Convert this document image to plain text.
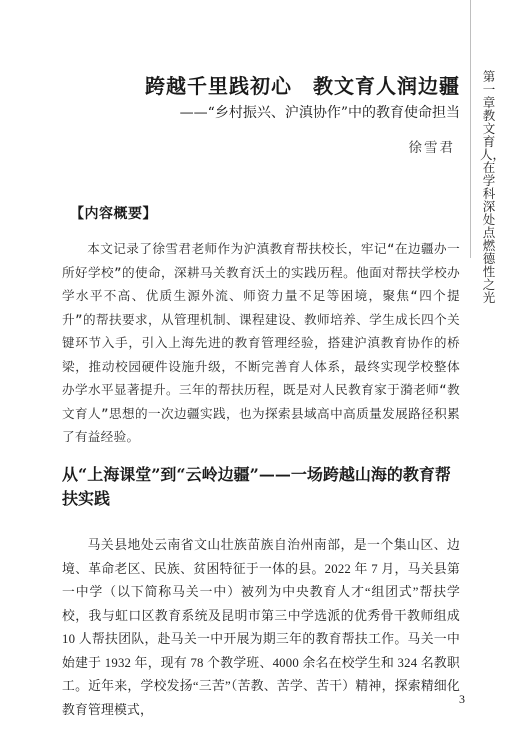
第一章　教文育人，在学科深处点燃德性之光
跨越千里践初心　教文育人润边疆
——“乡村振兴、沪滇协作”中的教育使命担当
徐雪君
【内容概要】
本文记录了徐雪君老师作为沪滇教育帮扶校长，牢记“在边疆办一所好学校”的使命，深耕马关教育沃土的实践历程。他面对帮扶学校办学水平不高、优质生源外流、师资力量不足等困境，聚焦“四个提升”的帮扶要求，从管理机制、课程建设、教师培养、学生成长四个关键环节入手，引入上海先进的教育管理经验，搭建沪滇教育协作的桥梁，推动校园硬件设施升级，不断完善育人体系，最终实现学校整体办学水平显著提升。三年的帮扶历程，既是对人民教育家于漪老师“教文育人”思想的一次边疆实践，也为探索县域高中高质量发展路径积累了有益经验。
从“上海课堂”到“云岭边疆”——一场跨越山海的教育帮扶实践
马关县地处云南省文山壮族苗族自治州南部，是一个集山区、边境、革命老区、民族、贫困特征于一体的县。2022 年 7 月，马关县第一中学（以下简称马关一中）被列为中央教育人才“组团式”帮扶学校，我与虹口区教育系统及昆明市第三中学选派的优秀骨干教师组成 10 人帮扶团队，赴马关一中开展为期三年的教育帮扶工作。马关一中始建于 1932 年，现有 78 个教学班、4000 余名在校学生和 324 名教职工。近年来，学校发扬“三苦”（苦教、苦学、苦干）精神，探索精细化教育管理模式，
3
